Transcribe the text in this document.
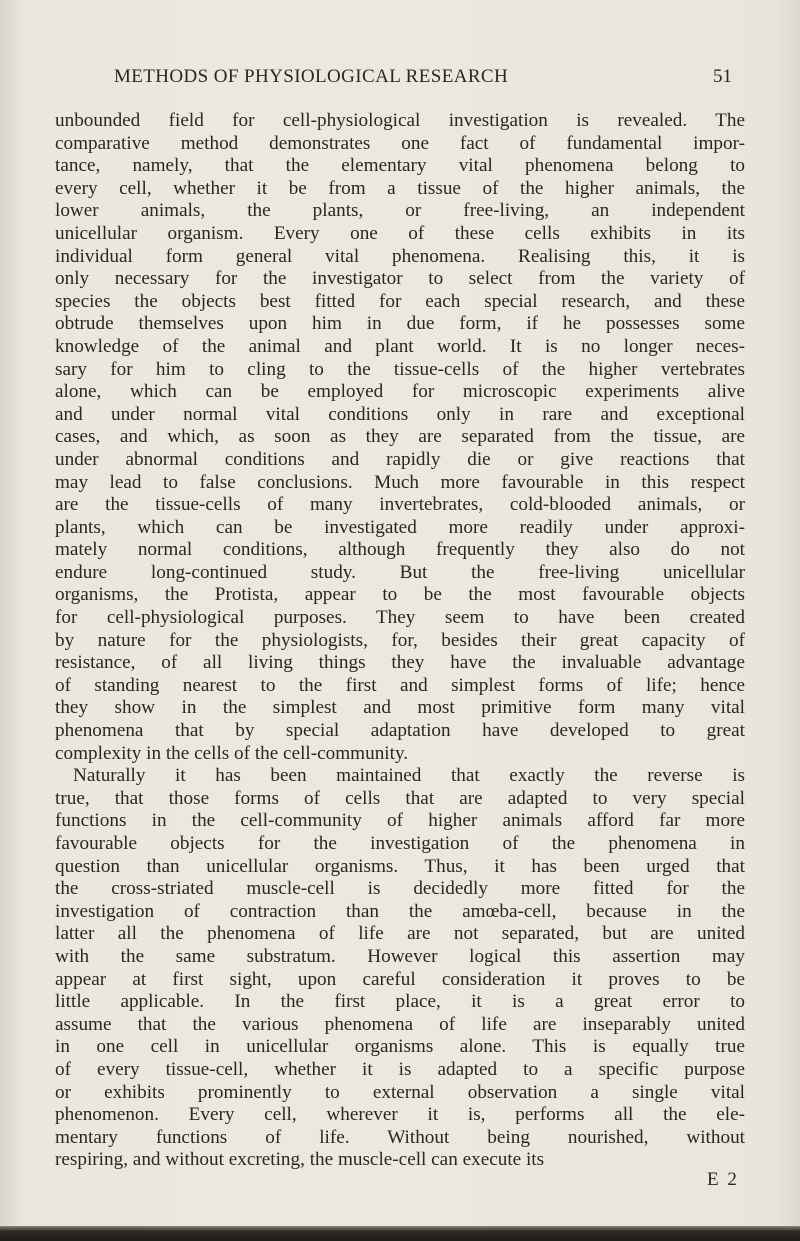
METHODS OF PHYSIOLOGICAL RESEARCH	51
unbounded field for cell-physiological investigation is revealed. The
comparative method demonstrates one fact of fundamental impor-
tance, namely, that the elementary vital phenomena belong to
every cell, whether it be from a tissue of the higher animals, the
lower animals, the plants, or free-living, an independent
unicellular organism. Every one of these cells exhibits in its
individual form general vital phenomena. Realising this, it is
only necessary for the investigator to select from the variety of
species the objects best fitted for each special research, and these
obtrude themselves upon him in due form, if he possesses some
knowledge of the animal and plant world. It is no longer neces-
sary for him to cling to the tissue-cells of the higher vertebrates
alone, which can be employed for microscopic experiments alive
and under normal vital conditions only in rare and exceptional
cases, and which, as soon as they are separated from the tissue, are
under abnormal conditions and rapidly die or give reactions that
may lead to false conclusions. Much more favourable in this respect
are the tissue-cells of many invertebrates, cold-blooded animals, or
plants, which can be investigated more readily under approxi-
mately normal conditions, although frequently they also do not
endure long-continued study. But the free-living unicellular
organisms, the Protista, appear to be the most favourable objects
for cell-physiological purposes. They seem to have been created
by nature for the physiologists, for, besides their great capacity of
resistance, of all living things they have the invaluable advantage
of standing nearest to the first and simplest forms of life; hence
they show in the simplest and most primitive form many vital
phenomena that by special adaptation have developed to great
complexity in the cells of the cell-community.
Naturally it has been maintained that exactly the reverse is
true, that those forms of cells that are adapted to very special
functions in the cell-community of higher animals afford far more
favourable objects for the investigation of the phenomena in
question than unicellular organisms. Thus, it has been urged that
the cross-striated muscle-cell is decidedly more fitted for the
investigation of contraction than the amœba-cell, because in the
latter all the phenomena of life are not separated, but are united
with the same substratum. However logical this assertion may
appear at first sight, upon careful consideration it proves to be
little applicable. In the first place, it is a great error to
assume that the various phenomena of life are inseparably united
in one cell in unicellular organisms alone. This is equally true
of every tissue-cell, whether it is adapted to a specific purpose
or exhibits prominently to external observation a single vital
phenomenon. Every cell, wherever it is, performs all the ele-
mentary functions of life. Without being nourished, without
respiring, and without excreting, the muscle-cell can execute its
E 2
